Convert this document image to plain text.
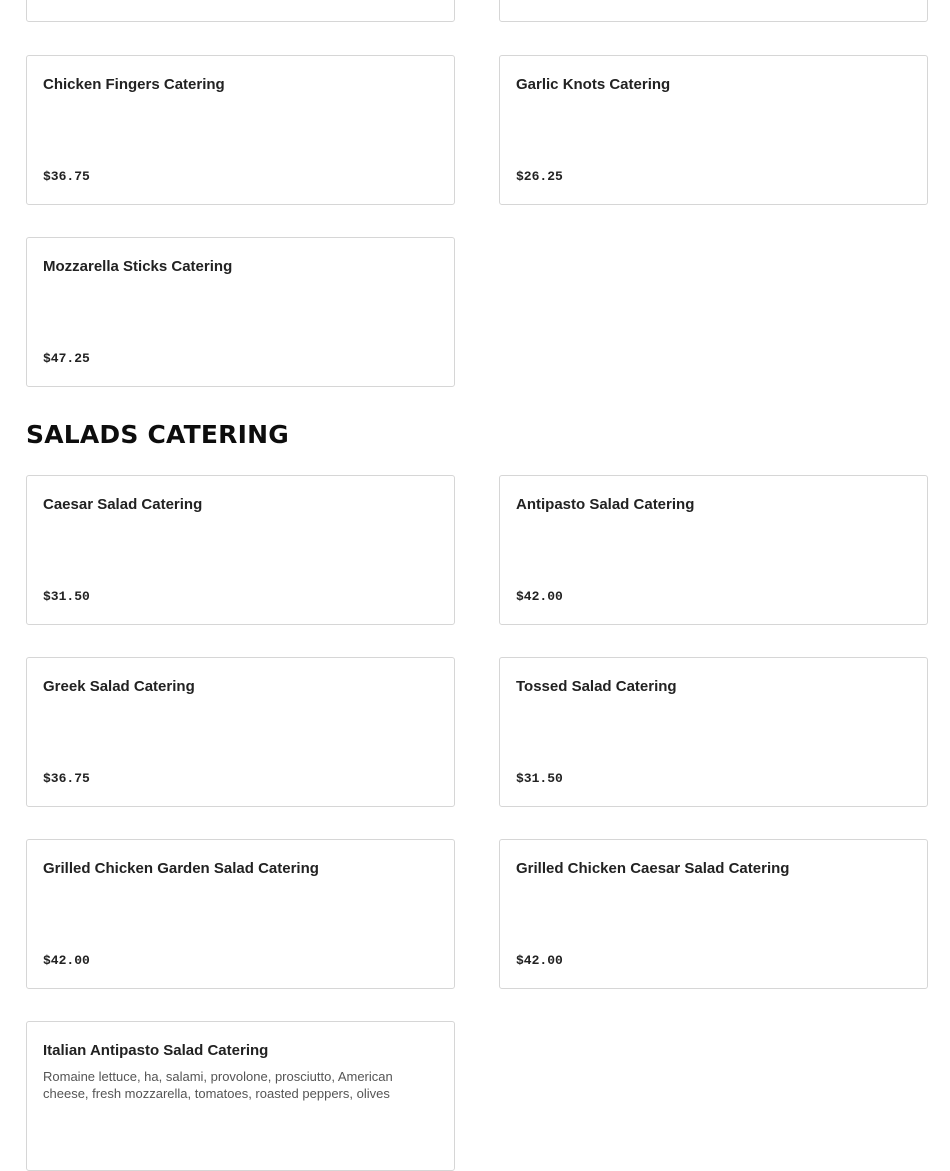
Chicken Fingers Catering
$36.75
Garlic Knots Catering
$26.25
Mozzarella Sticks Catering
$47.25
SALADS CATERING
Caesar Salad Catering
$31.50
Antipasto Salad Catering
$42.00
Greek Salad Catering
$36.75
Tossed Salad Catering
$31.50
Grilled Chicken Garden Salad Catering
$42.00
Grilled Chicken Caesar Salad Catering
$42.00
Italian Antipasto Salad Catering
Romaine lettuce, ha, salami, provolone, prosciutto, American cheese, fresh mozzarella, tomatoes, roasted peppers, olives
